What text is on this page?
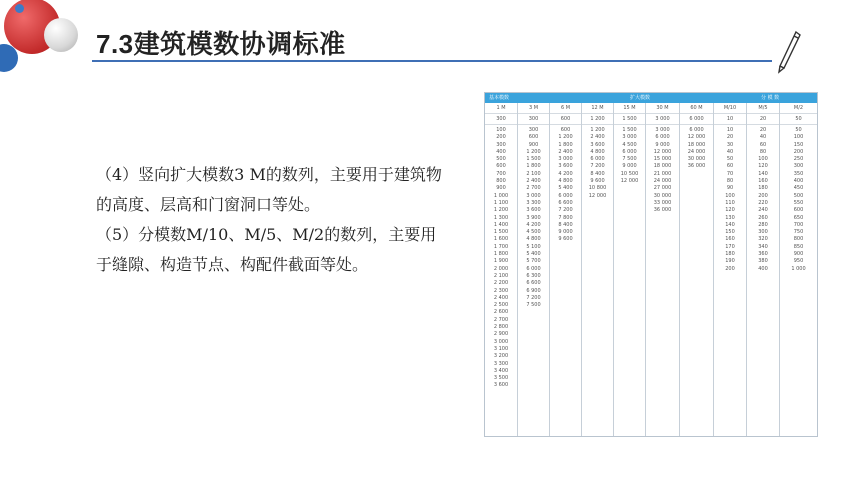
7.3建筑模数协调标准

（4）竖向扩大模数3 M的数列，主要用于建筑物的高度、层高和门窗洞口等处。

（5）分模数M/10、M/5、M/2的数列，主要用于缝隙、构造节点、构配件截面等处。

基本模数	扩大模数	分 模 数
1 M
300
100
200
300
400
500
600
700
800
900
1 000
1 100
1 200
1 300
1 400
1 500
1 600
1 700
1 800
1 900
2 000
2 100
2 200
2 300
2 400
2 500
2 600
2 700
2 800
2 900
3 000
3 100
3 200
3 300
3 400
3 500
3 600
3 M
300
300
600
900
1 200
1 500
1 800
2 100
2 400
2 700
3 000
3 300
3 600
3 900
4 200
4 500
4 800
5 100
5 400
5 700
6 000
6 300
6 600
6 900
7 200
7 500
6 M
600
600
1 200
1 800
2 400
3 000
3 600
4 200
4 800
5 400
6 000
6 600
7 200
7 800
8 400
9 000
9 600
12 M
1 200
1 200
2 400
3 600
4 800
6 000
7 200
8 400
9 600
10 800
12 000
15 M
1 500
1 500
3 000
4 500
6 000
7 500
9 000
10 500
12 000
30 M
3 000
3 000
6 000
9 000
12 000
15 000
18 000
21 000
24 000
27 000
30 000
33 000
36 000
60 M
6 000
6 000
12 000
18 000
24 000
30 000
36 000
M/10
10
10
20
30
40
50
60
70
80
90
100
110
120
130
140
150
160
170
180
190
200
M/5
20
20
40
60
80
100
120
140
160
180
200
220
240
260
280
300
320
340
360
380
400
M/2
50
50
100
150
200
250
300
350
400
450
500
550
600
650
700
750
800
850
900
950
1 000
